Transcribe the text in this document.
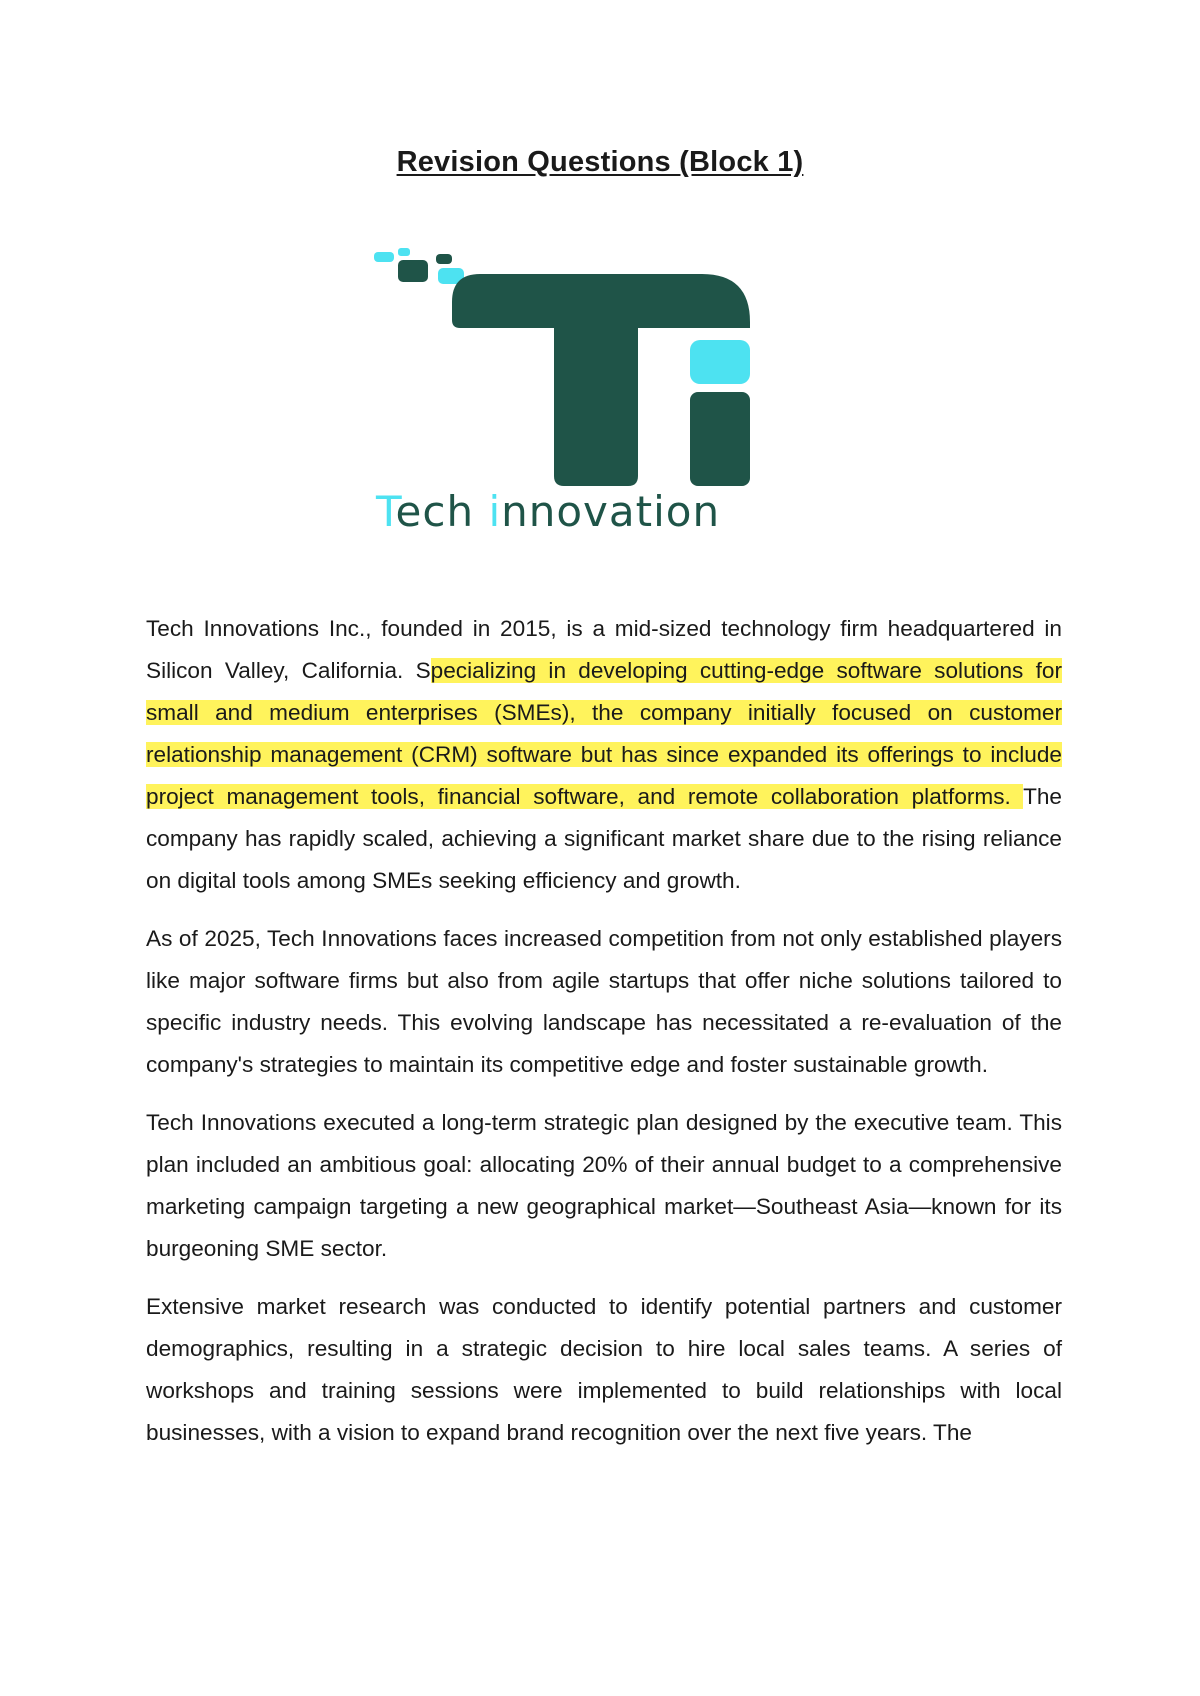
Revision Questions (Block 1)
Tech innovation

Tech Innovations Inc., founded in 2015, is a mid-sized technology firm headquartered in Silicon Valley, California. Specializing in developing cutting-edge software solutions for small and medium enterprises (SMEs), the company initially focused on customer relationship management (CRM) software but has since expanded its offerings to include project management tools, financial software, and remote collaboration platforms. The company has rapidly scaled, achieving a significant market share due to the rising reliance on digital tools among SMEs seeking efficiency and growth.

As of 2025, Tech Innovations faces increased competition from not only established players like major software firms but also from agile startups that offer niche solutions tailored to specific industry needs. This evolving landscape has necessitated a re-evaluation of the company's strategies to maintain its competitive edge and foster sustainable growth.

Tech Innovations executed a long-term strategic plan designed by the executive team. This plan included an ambitious goal: allocating 20% of their annual budget to a comprehensive marketing campaign targeting a new geographical market—Southeast Asia—known for its burgeoning SME sector.

Extensive market research was conducted to identify potential partners and customer demographics, resulting in a strategic decision to hire local sales teams. A series of workshops and training sessions were implemented to build relationships with local businesses, with a vision to expand brand recognition over the next five years. The
